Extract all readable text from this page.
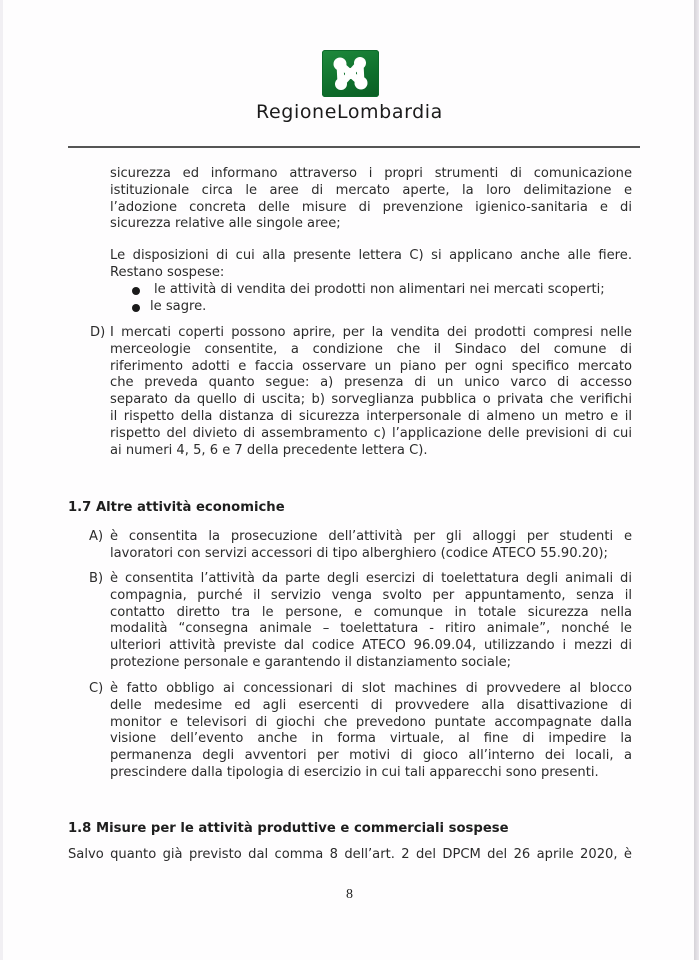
RegioneLombardia
sicurezza ed informano attraverso i propri strumenti di comunicazione
istituzionale circa le aree di mercato aperte, la loro delimitazione e
l’adozione concreta delle misure di prevenzione igienico-sanitaria e di
sicurezza relative alle singole aree;
Le disposizioni di cui alla presente lettera C) si applicano anche alle fiere.
Restano sospese:
le attività di vendita dei prodotti non alimentari nei mercati scoperti;
le sagre.
D) I mercati coperti possono aprire, per la vendita dei prodotti compresi nelle
merceologie consentite, a condizione che il Sindaco del comune di
riferimento adotti e faccia osservare un piano per ogni specifico mercato
che preveda quanto segue: a) presenza di un unico varco di accesso
separato da quello di uscita; b) sorveglianza pubblica o privata che verifichi
il rispetto della distanza di sicurezza interpersonale di almeno un metro e il
rispetto del divieto di assembramento c) l’applicazione delle previsioni di cui
ai numeri 4, 5, 6 e 7 della precedente lettera C).
1.7 Altre attività economiche
A) è consentita la prosecuzione dell’attività per gli alloggi per studenti e
lavoratori con servizi accessori di tipo alberghiero (codice ATECO 55.90.20);
B) è consentita l’attività da parte degli esercizi di toelettatura degli animali di
compagnia, purché il servizio venga svolto per appuntamento, senza il
contatto diretto tra le persone, e comunque in totale sicurezza nella
modalità “consegna animale – toelettatura - ritiro animale”, nonché le
ulteriori attività previste dal codice ATECO 96.09.04, utilizzando i mezzi di
protezione personale e garantendo il distanziamento sociale;
C) è fatto obbligo ai concessionari di slot machines di provvedere al blocco
delle medesime ed agli esercenti di provvedere alla disattivazione di
monitor e televisori di giochi che prevedono puntate accompagnate dalla
visione dell’evento anche in forma virtuale, al fine di impedire la
permanenza degli avventori per motivi di gioco all’interno dei locali, a
prescindere dalla tipologia di esercizio in cui tali apparecchi sono presenti.
1.8 Misure per le attività produttive e commerciali sospese
Salvo quanto già previsto dal comma 8 dell’art. 2 del DPCM del 26 aprile 2020, è
8
